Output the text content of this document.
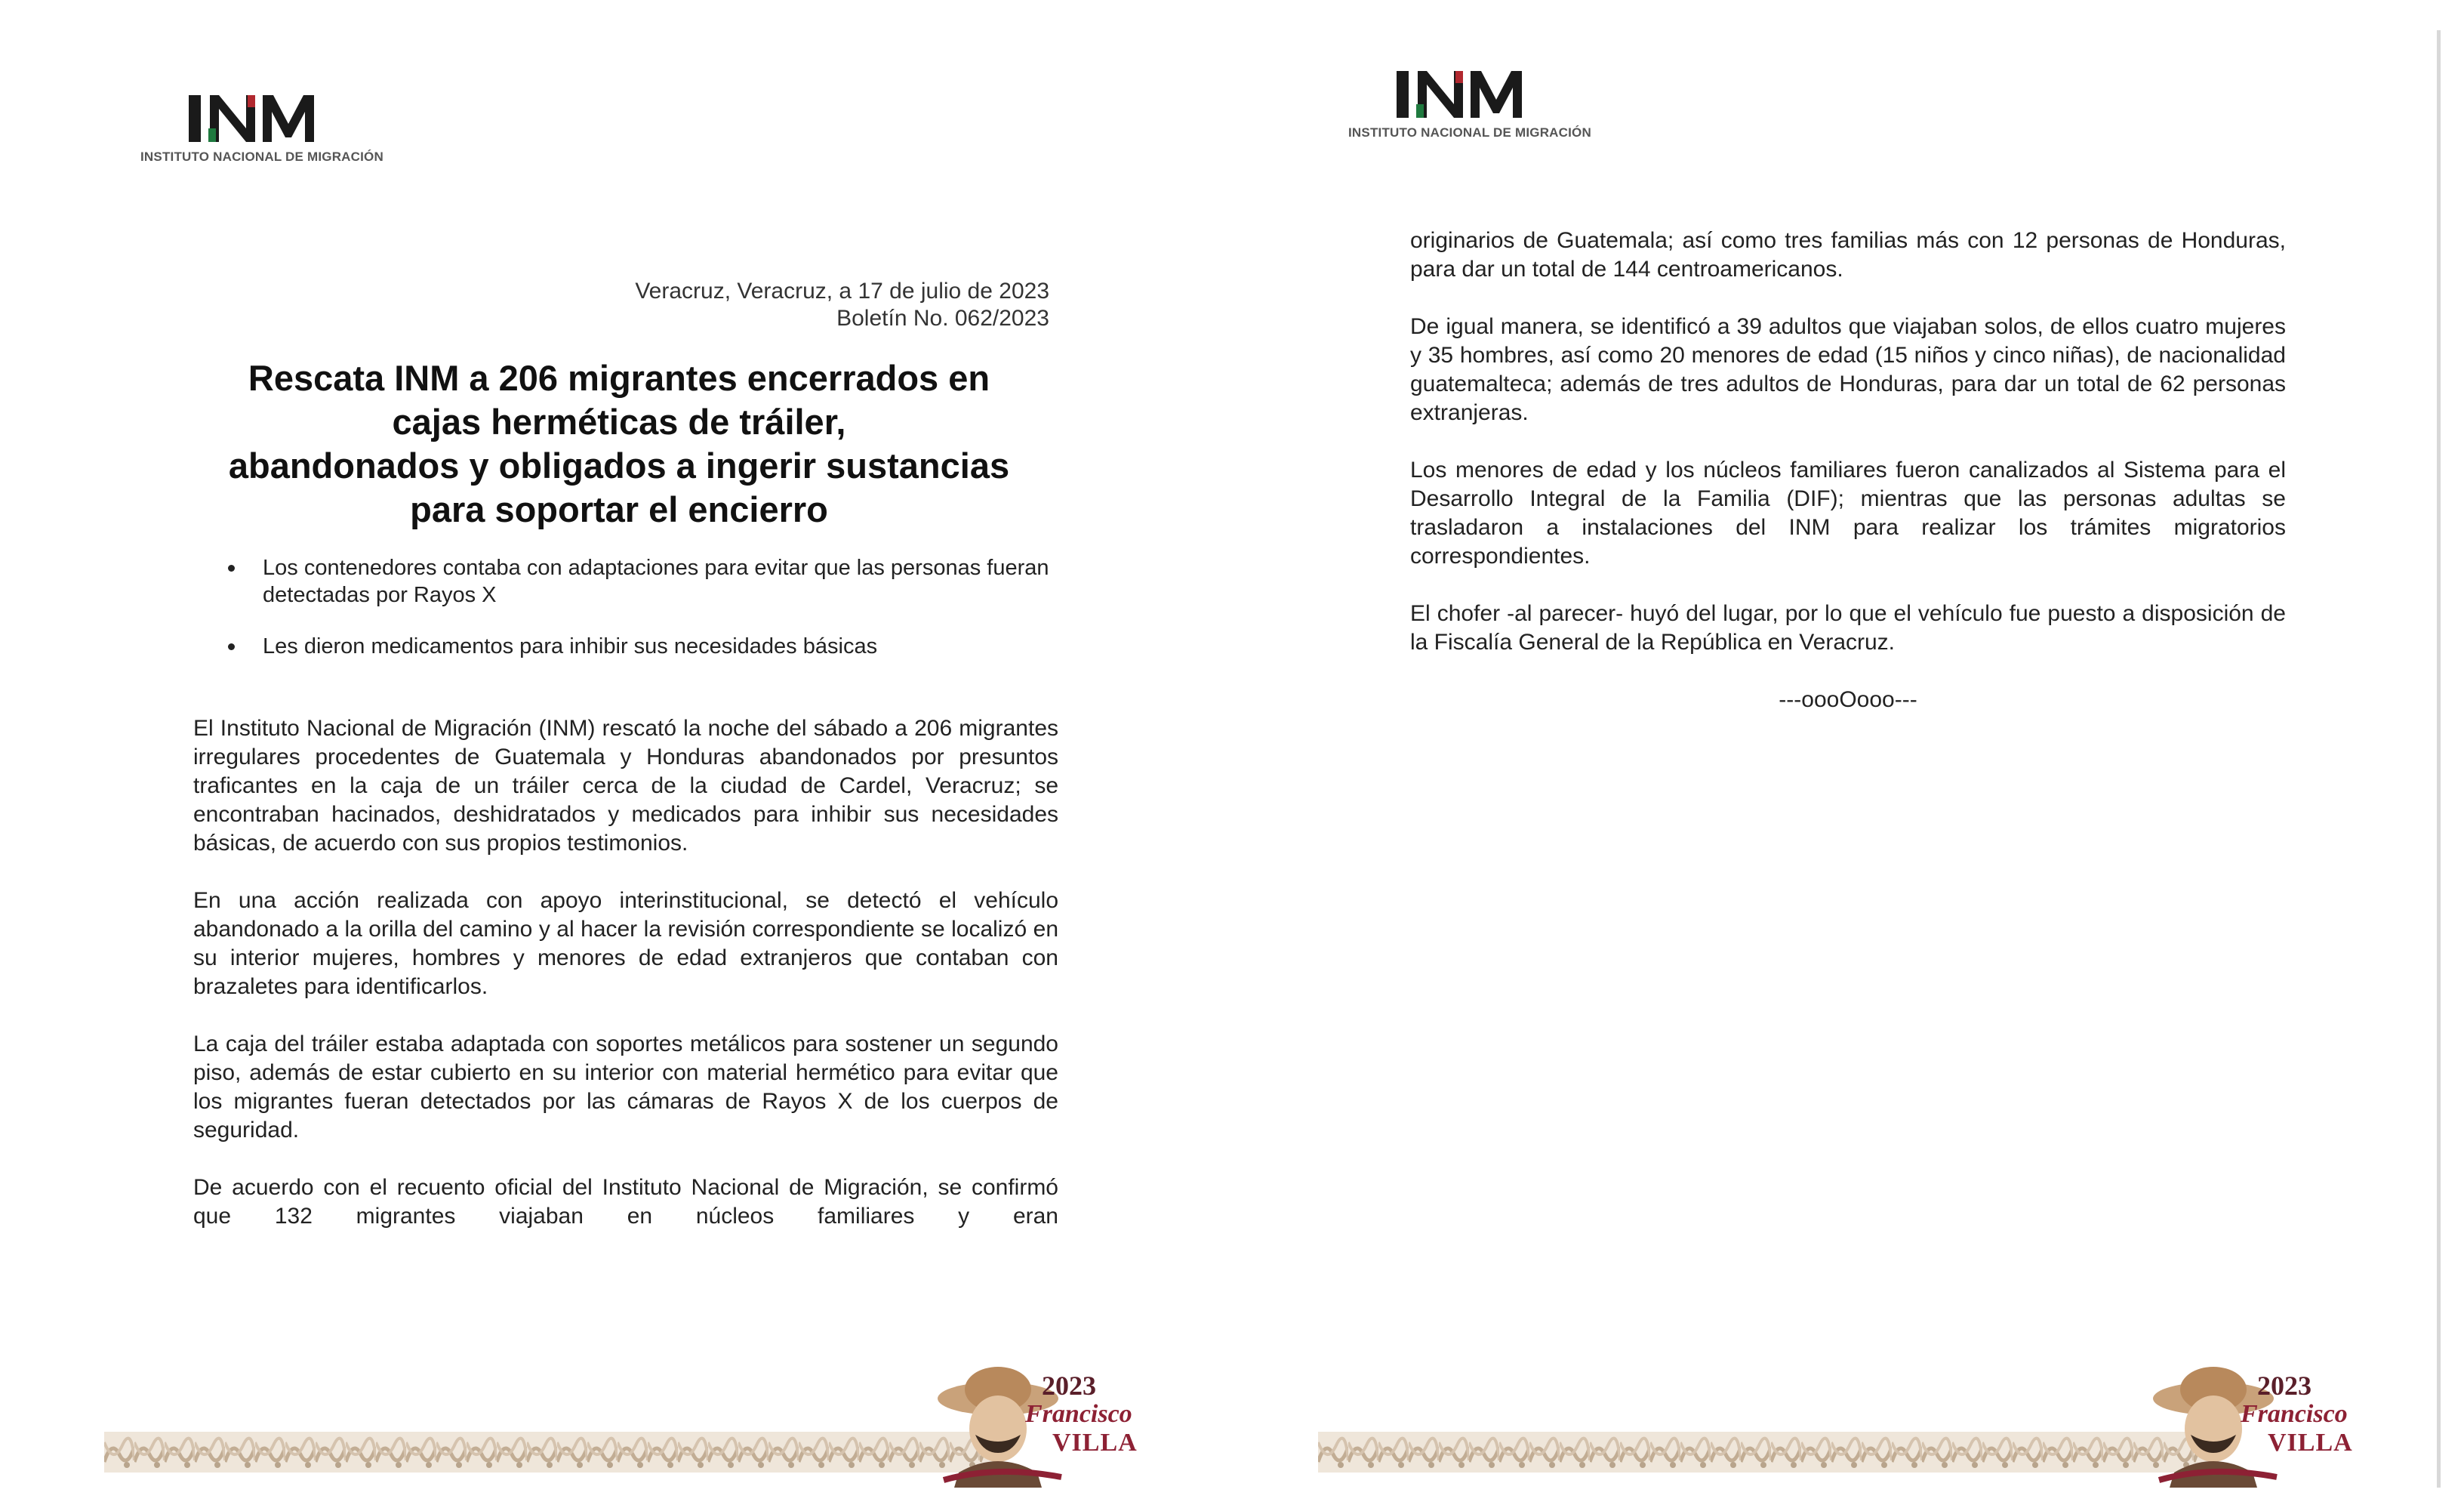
INSTITUTO NACIONAL DE MIGRACIÓN
Veracruz, Veracruz, a 17 de julio de 2023
Boletín No. 062/2023
Rescata INM a 206 migrantes encerrados en
cajas herméticas de tráiler,
abandonados y obligados a ingerir sustancias
para soportar el encierro
Los contenedores contaba con adaptaciones para evitar que las personas fueran detectadas por Rayos X
Les dieron medicamentos para inhibir sus necesidades básicas

El Instituto Nacional de Migración (INM) rescató la noche del sábado a 206 migrantes irregulares procedentes de Guatemala y Honduras abandonados por presuntos traficantes en la caja de un tráiler cerca de la ciudad de Cardel, Veracruz; se encontraban hacinados, deshidratados y medicados para inhibir sus necesidades básicas, de acuerdo con sus propios testimonios.

En una acción realizada con apoyo interinstitucional, se detectó el vehículo abandonado a la orilla del camino y al hacer la revisión correspondiente se localizó en su interior mujeres, hombres y menores de edad extranjeros que contaban con brazaletes para identificarlos.

La caja del tráiler estaba adaptada con soportes metálicos para sostener un segundo piso, además de estar cubierto en su interior con material hermético para evitar que los migrantes fueran detectados por las cámaras de Rayos X de los cuerpos de seguridad.

De acuerdo con el recuento oficial del Instituto Nacional de Migración, se confirmó que 132 migrantes viajaban en núcleos familiares y eran

2023
Francisco
VILLA
INSTITUTO NACIONAL DE MIGRACIÓN

originarios de Guatemala; así como tres familias más con 12 personas de Honduras, para dar un total de 144 centroamericanos.

De igual manera, se identificó a 39 adultos que viajaban solos, de ellos cuatro mujeres y 35 hombres, así como 20 menores de edad (15 niños y cinco niñas), de nacionalidad guatemalteca; además de tres adultos de Honduras, para dar un total de 62 personas extranjeras.

Los menores de edad y los núcleos familiares fueron canalizados al Sistema para el Desarrollo Integral de la Familia (DIF); mientras que las personas adultas se trasladaron a instalaciones del INM para realizar los trámites migratorios correspondientes.

El chofer -al parecer- huyó del lugar, por lo que el vehículo fue puesto a disposición de la Fiscalía General de la República en Veracruz.

---oooOooo---

2023
Francisco
VILLA
